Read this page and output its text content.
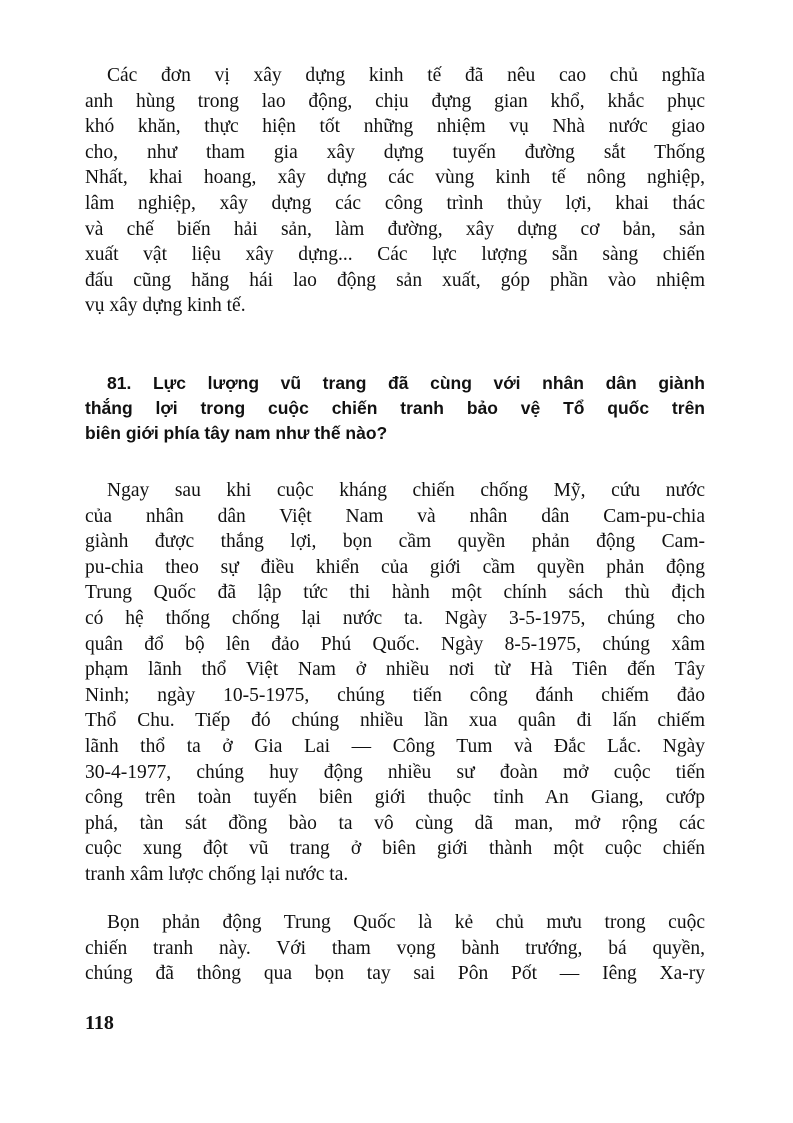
Các đơn vị xây dựng kinh tế đã nêu cao chủ nghĩa
anh hùng trong lao động, chịu đựng gian khổ, khắc phục
khó khăn, thực hiện tốt những nhiệm vụ Nhà nước giao
cho, như tham gia xây dựng tuyến đường sắt Thống
Nhất, khai hoang, xây dựng các vùng kinh tế nông nghiệp,
lâm nghiệp, xây dựng các công trình thủy lợi, khai thác
và chế biến hải sản, làm đường, xây dựng cơ bản, sản
xuất vật liệu xây dựng... Các lực lượng sẵn sàng chiến
đấu cũng hăng hái lao động sản xuất, góp phần vào nhiệm
vụ xây dựng kinh tế.
81. Lực lượng vũ trang đã cùng với nhân dân giành
thắng lợi trong cuộc chiến tranh bảo vệ Tổ quốc trên
biên giới phía tây nam như thế nào?
Ngay sau khi cuộc kháng chiến chống Mỹ, cứu nước
của nhân dân Việt Nam và nhân dân Cam-pu-chia
giành được thắng lợi, bọn cầm quyền phản động Cam-
pu-chia theo sự điều khiển của giới cầm quyền phản động
Trung Quốc đã lập tức thi hành một chính sách thù địch
có hệ thống chống lại nước ta. Ngày 3-5-1975, chúng cho
quân đổ bộ lên đảo Phú Quốc. Ngày 8-5-1975, chúng xâm
phạm lãnh thổ Việt Nam ở nhiều nơi từ Hà Tiên đến Tây
Ninh; ngày 10-5-1975, chúng tiến công đánh chiếm đảo
Thổ Chu. Tiếp đó chúng nhiều lần xua quân đi lấn chiếm
lãnh thổ ta ở Gia Lai — Công Tum và Đắc Lắc. Ngày
30-4-1977, chúng huy động nhiều sư đoàn mở cuộc tiến
công trên toàn tuyến biên giới thuộc tỉnh An Giang, cướp
phá, tàn sát đồng bào ta vô cùng dã man, mở rộng các
cuộc xung đột vũ trang ở biên giới thành một cuộc chiến
tranh xâm lược chống lại nước ta.
Bọn phản động Trung Quốc là kẻ chủ mưu trong cuộc
chiến tranh này. Với tham vọng bành trướng, bá quyền,
chúng đã thông qua bọn tay sai Pôn Pốt — Iêng Xa-ry
118
